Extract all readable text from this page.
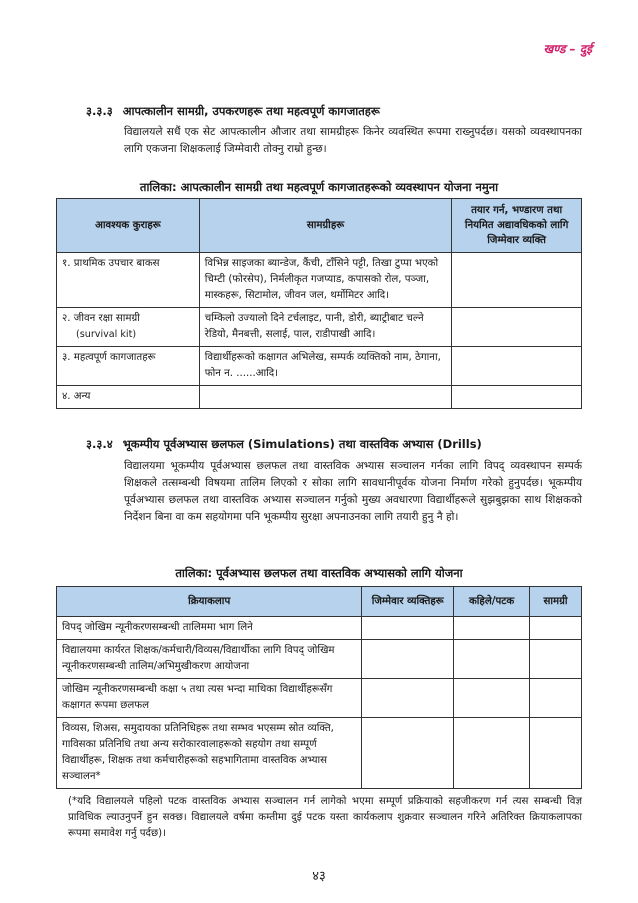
खण्ड – दुई
३.३.३ आपत्कालीन सामग्री, उपकरणहरू तथा महत्वपूर्ण कागजातहरू
विद्यालयले सधैं एक सेट आपत्कालीन औजार तथा सामग्रीहरू किनेर व्यवस्थित रूपमा राख्नुपर्दछ। यसको व्यवस्थापनका लागि एकजना शिक्षकलाई जिम्मेवारी तोक्नु राम्रो हुन्छ।
तालिका: आपत्कालीन सामग्री तथा महत्वपूर्ण कागजातहरूको व्यवस्थापन योजना नमुना
आवश्यक कुराहरू	सामग्रीहरू	तयार गर्न, भण्डारण तथा नियमित अद्यावधिकको लागि जिम्मेवार व्यक्ति
१. प्राथमिक उपचार बाकस	विभिन्न साइजका ब्यान्डेज, कैंची, टाँसिने पट्टी, तिखा टुप्पा भएको चिम्टी (फोरसेप), निर्मलीकृत गजप्याड, कपासको रोल, पञ्जा, मास्कहरू, सिटामोल, जीवन जल, थर्मोमिटर आदि।	
२. जीवन रक्षा सामग्री
(survival kit)	चम्किलो उज्यालो दिने टर्चलाइट, पानी, डोरी, ब्याट्रीबाट चल्ने रेडियो, मैनबत्ती, सलाई, पाल, राडीपाखी आदि।	
३. महत्वपूर्ण कागजातहरू	विद्यार्थीहरूको कक्षागत अभिलेख, सम्पर्क व्यक्तिको नाम, ठेगाना, फोन न. ......आदि।	
४. अन्य		
३.३.४ भूकम्पीय पूर्वअभ्यास छलफल (Simulations) तथा वास्तविक अभ्यास (Drills)
विद्यालयमा भूकम्पीय पूर्वअभ्यास छलफल तथा वास्तविक अभ्यास सञ्चालन गर्नका लागि विपद् व्यवस्थापन सम्पर्क शिक्षकले तत्सम्बन्धी विषयमा तालिम लिएको र सोका लागि सावधानीपूर्वक योजना निर्माण गरेको हुनुपर्दछ। भूकम्पीय पूर्वअभ्यास छलफल तथा वास्तविक अभ्यास सञ्चालन गर्नुको मुख्य अवधारणा विद्यार्थीहरूले सुझबुझका साथ शिक्षकको निर्देशन बिना वा कम सहयोगमा पनि भूकम्पीय सुरक्षा अपनाउनका लागि तयारी हुनु नै हो।
तालिका: पूर्वअभ्यास छलफल तथा वास्तविक अभ्यासको लागि योजना
क्रियाकलाप	जिम्मेवार व्यक्तिहरू	कहिले/पटक	सामग्री
विपद् जोखिम न्यूनीकरणसम्बन्धी तालिममा भाग लिने			
विद्यालयमा कार्यरत शिक्षक/कर्मचारी/विव्यस/विद्यार्थीका लागि विपद् जोखिम न्यूनीकरणसम्बन्धी तालिम/अभिमुखीकरण आयोजना			
जोखिम न्यूनीकरणसम्बन्धी कक्षा ५ तथा त्यस भन्दा माथिका विद्यार्थीहरूसँग कक्षागत रूपमा छलफल			
विव्यस, शिअस, समुदायका प्रतिनिधिहरू तथा सम्भव भएसम्म स्रोत व्यक्ति, गाविसका प्रतिनिधि तथा अन्य सरोकारवालाहरूको सहयोग तथा सम्पूर्ण विद्यार्थीहरू, शिक्षक तथा कर्मचारीहरूको सहभागितामा वास्तविक अभ्यास सञ्चालन*			
(*यदि विद्यालयले पहिलो पटक वास्तविक अभ्यास सञ्चालन गर्न लागेको भएमा सम्पूर्ण प्रक्रियाको सहजीकरण गर्न त्यस सम्बन्धी विज्ञ प्राविधिक ल्याउनुपर्ने हुन सक्छ। विद्यालयले वर्षमा कम्तीमा दुई पटक यस्ता कार्यकलाप शुक्रवार सञ्चालन गरिने अतिरिक्त क्रियाकलापका रूपमा समावेश गर्नु पर्दछ)।
४३
